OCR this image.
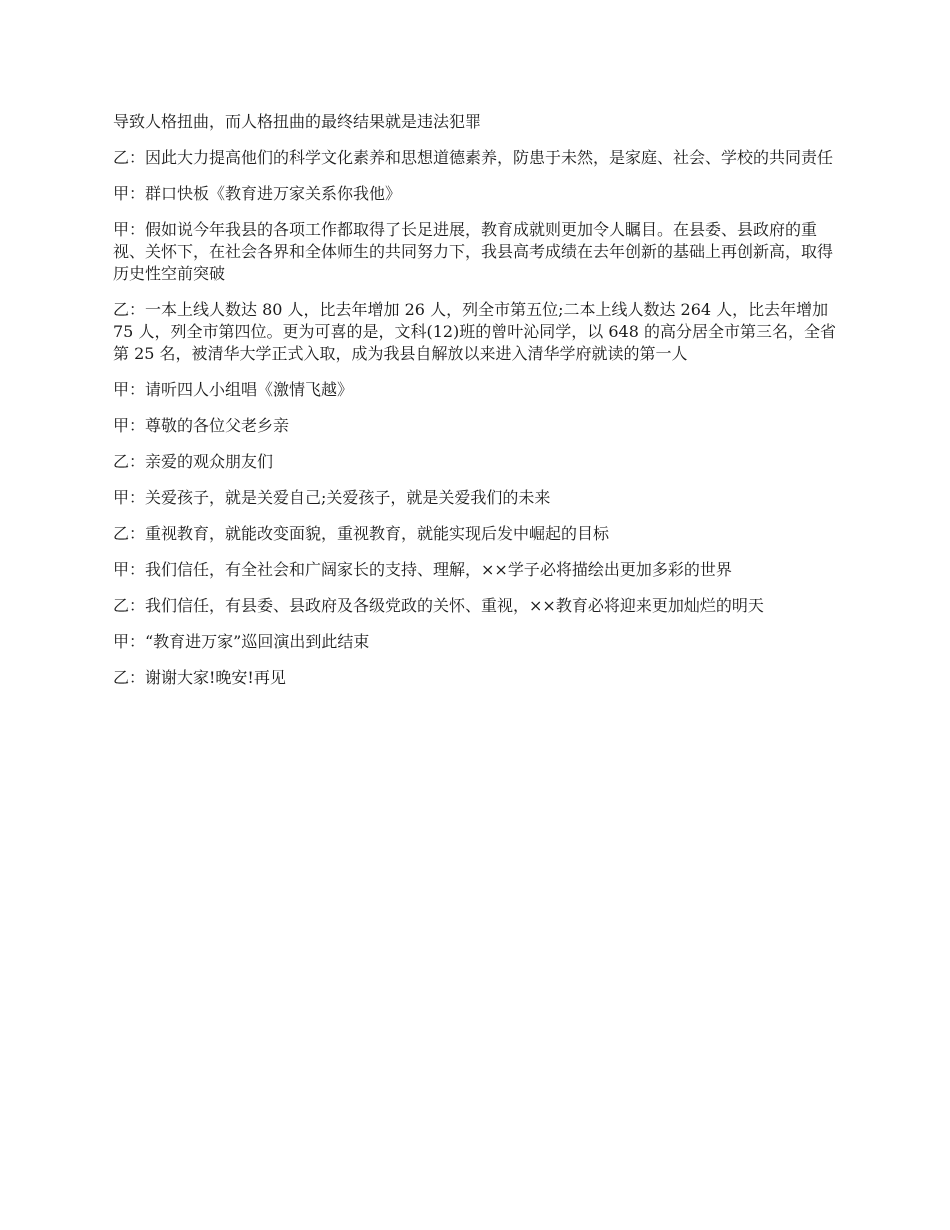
导致人格扭曲，而人格扭曲的最终结果就是违法犯罪

乙：因此大力提高他们的科学文化素养和思想道德素养，防患于未然，是家庭、社会、学校的共同责任

甲：群口快板《教育进万家关系你我他》

甲：假如说今年我县的各项工作都取得了长足进展，教育成就则更加令人瞩目。在县委、县政府的重视、关怀下，在社会各界和全体师生的共同努力下，我县高考成绩在去年创新的基础上再创新高，取得历史性空前突破

乙：一本上线人数达 80 人，比去年增加 26 人，列全市第五位;二本上线人数达 264 人，比去年增加 75 人，列全市第四位。更为可喜的是，文科(12)班的曾叶沁同学，以 648 的高分居全市第三名，全省第 25 名，被清华大学正式入取，成为我县自解放以来进入清华学府就读的第一人

甲：请听四人小组唱《激情飞越》

甲：尊敬的各位父老乡亲

乙：亲爱的观众朋友们

甲：关爱孩子，就是关爱自己;关爱孩子，就是关爱我们的未来

乙：重视教育，就能改变面貌，重视教育，就能实现后发中崛起的目标

甲：我们信任，有全社会和广阔家长的支持、理解，××学子必将描绘出更加多彩的世界

乙：我们信任，有县委、县政府及各级党政的关怀、重视，××教育必将迎来更加灿烂的明天

甲：“教育进万家”巡回演出到此结束

乙：谢谢大家!晚安!再见
